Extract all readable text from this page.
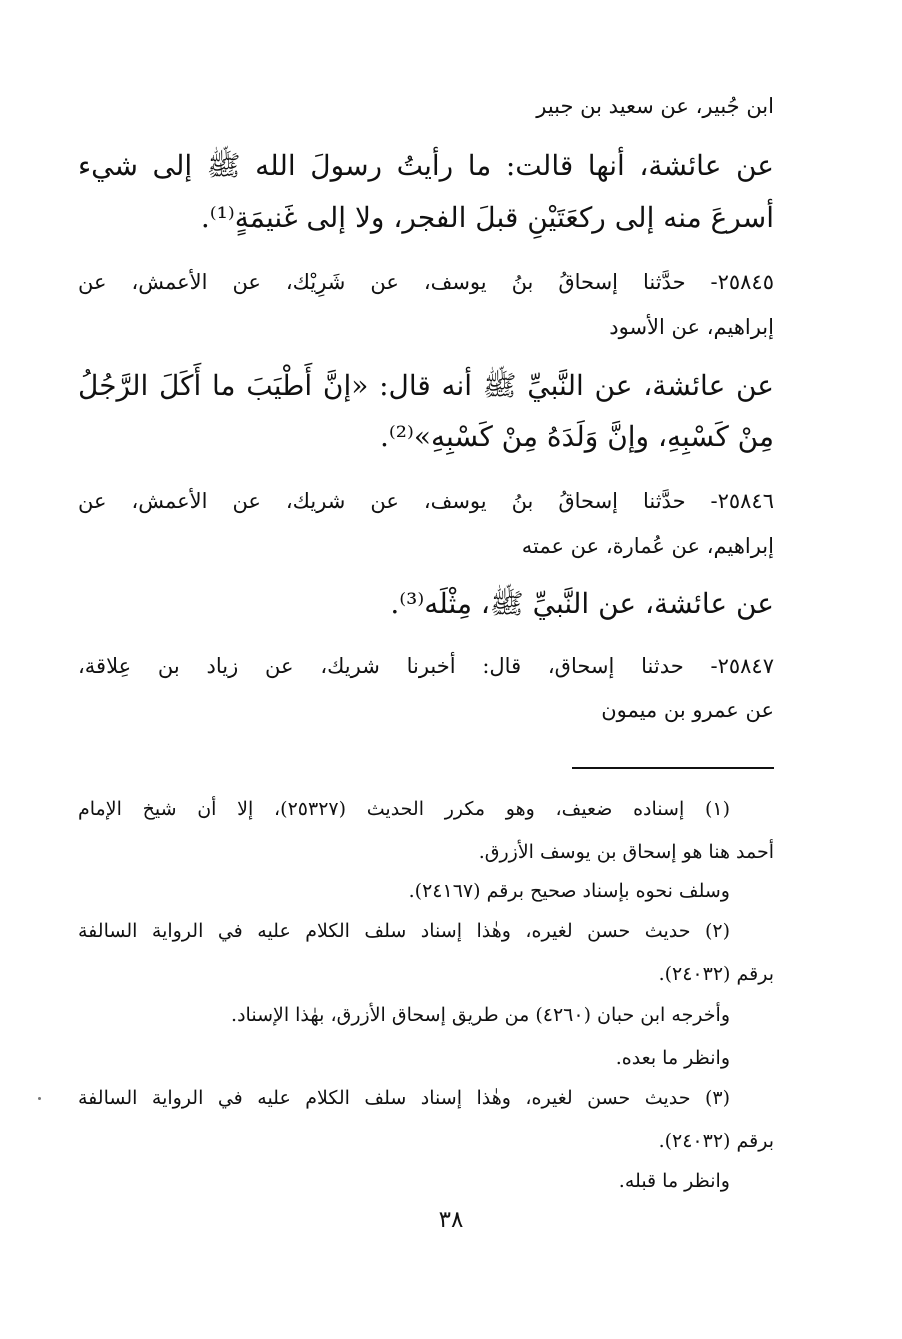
ابن جُبير، عن سعيد بن جبير
عن عائشة، أنها قالت: ما رأيتُ رسولَ الله ﷺ إلى شيء
أسرعَ منه إلى ركعَتَيْنِ قبلَ الفجر، ولا إلى غَنيمَةٍ⁽¹⁾.
٢٥٨٤٥- حدَّثنا إسحاقُ بنُ يوسف، عن شَرِيْك، عن الأعمش، عن
إبراهيم، عن الأسود
عن عائشة، عن النَّبيِّ ﷺ أنه قال: «إنَّ أَطْيَبَ ما أَكَلَ الرَّجُلُ
مِنْ كَسْبِهِ، وإنَّ وَلَدَهُ مِنْ كَسْبِهِ»⁽²⁾.
٢٥٨٤٦- حدَّثنا إسحاقُ بنُ يوسف، عن شريك، عن الأعمش، عن
إبراهيم، عن عُمارة، عن عمته
عن عائشة، عن النَّبيِّ ﷺ، مِثْلَه⁽³⁾.
٢٥٨٤٧- حدثنا إسحاق، قال: أخبرنا شريك، عن زياد بن عِلاقة،
عن عمرو بن ميمون
(١) إسناده ضعيف، وهو مكرر الحديث (٢٥٣٢٧)، إلا أن شيخ الإمام
أحمد هنا هو إسحاق بن يوسف الأزرق.
وسلف نحوه بإسناد صحيح برقم (٢٤١٦٧).
(٢) حديث حسن لغيره، وهٰذا إسناد سلف الكلام عليه في الرواية السالفة
برقم (٢٤٠٣٢).
وأخرجه ابن حبان (٤٢٦٠) من طريق إسحاق الأزرق، بهٰذا الإسناد.
وانظر ما بعده.
(٣) حديث حسن لغيره، وهٰذا إسناد سلف الكلام عليه في الرواية السالفة
برقم (٢٤٠٣٢).
وانظر ما قبله.
٣٨
